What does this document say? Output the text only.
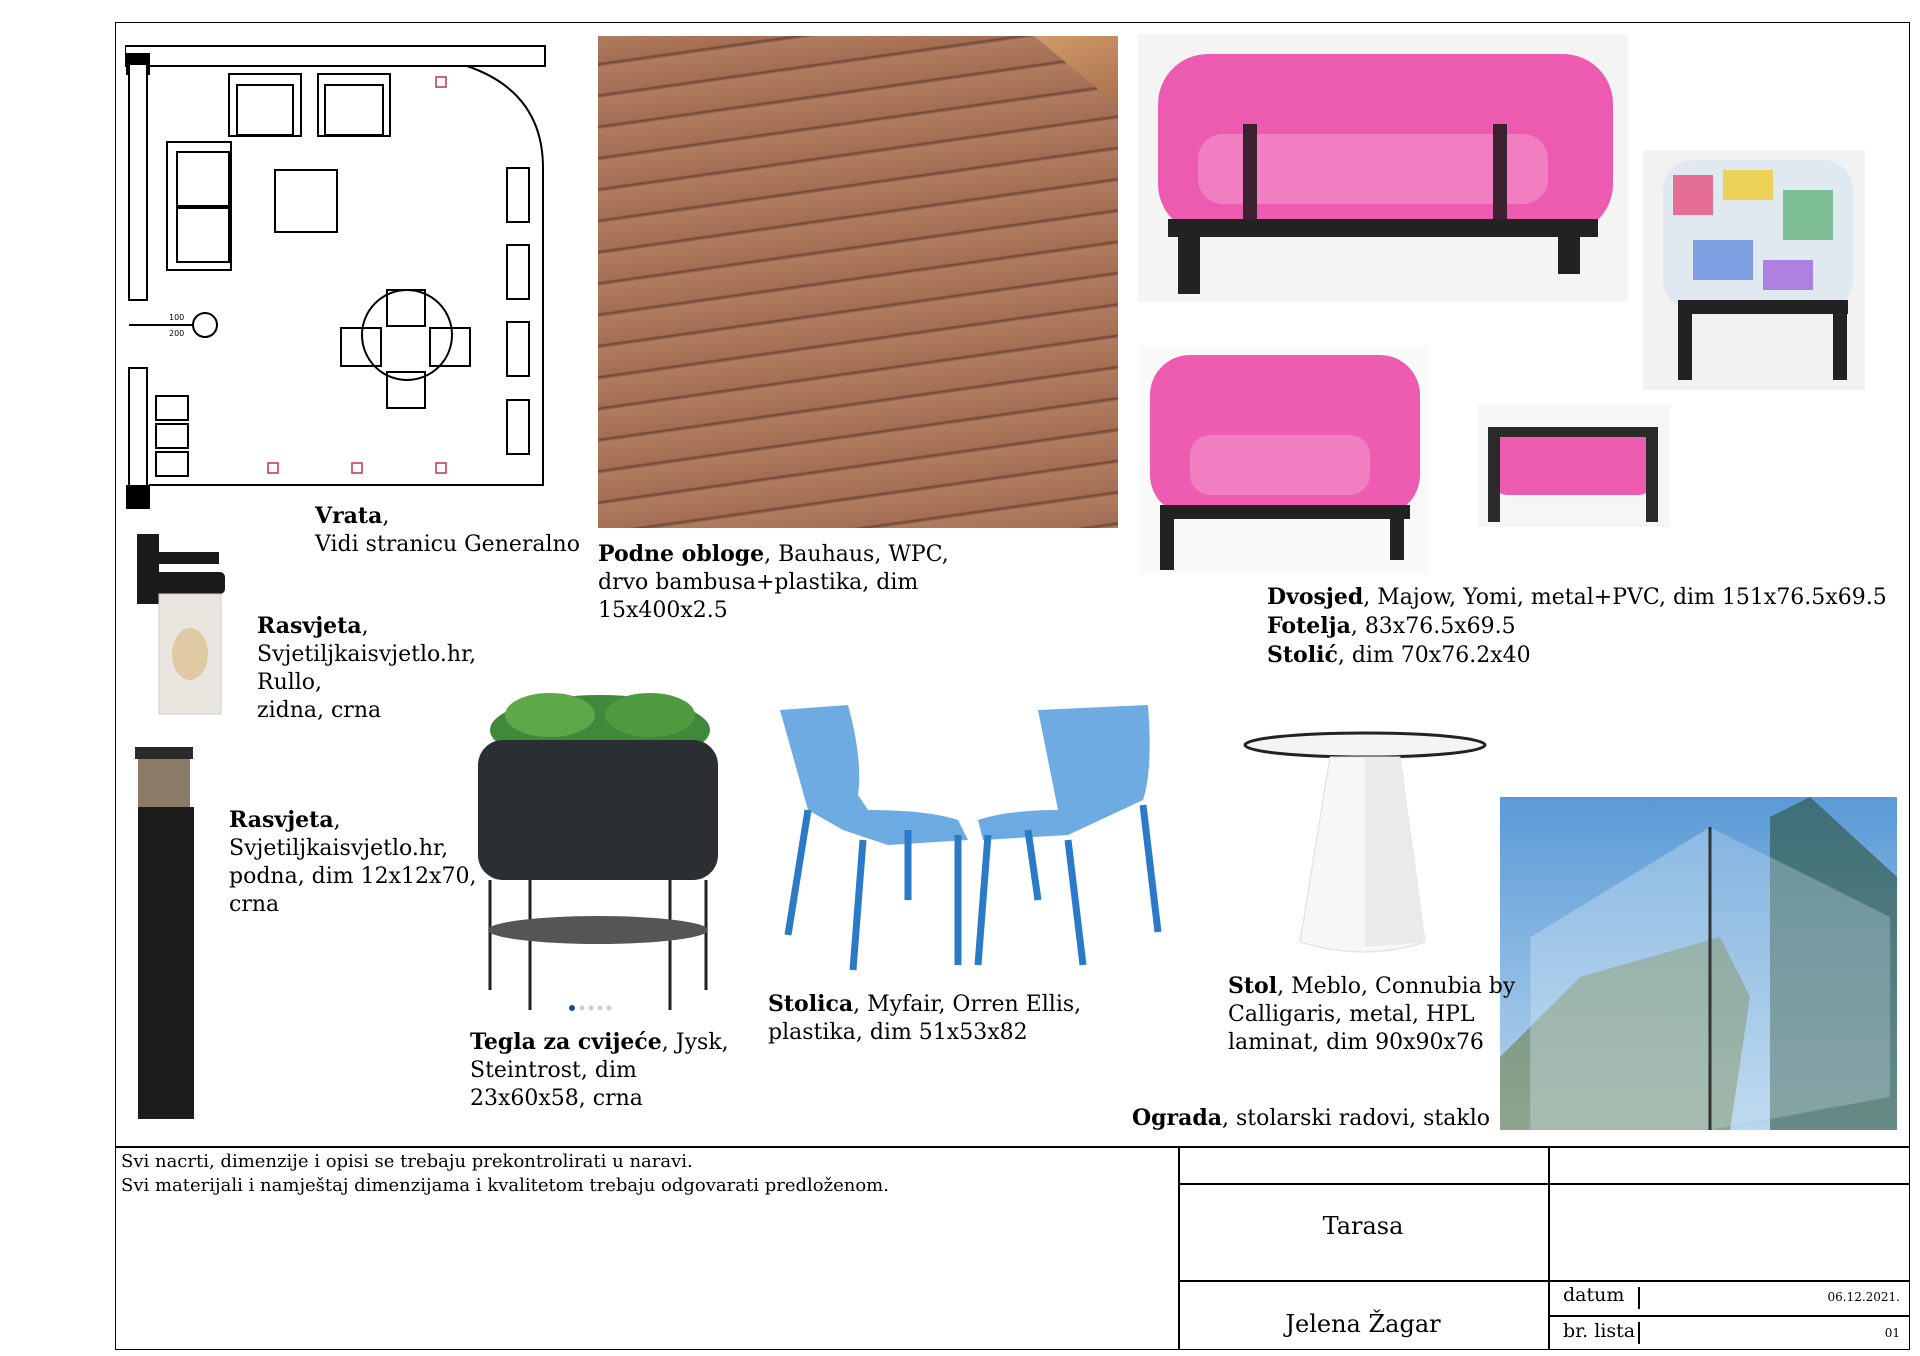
100
200
Vrata,
Vidi stranicu Generalno Podne obloge, Bauhaus, WPC,
drvo bambusa+plastika, dim
15x400x2.5
Dvosjed, Majow, Yomi, metal+PVC, dim 151x76.5x69.5
Fotelja, 83x76.5x69.5
Stolić, dim 70x76.2x40
Rasvjeta,
Svjetiljkaisvjetlo.hr,
Rullo,
zidna, crna
Rasvjeta,
Svjetiljkaisvjetlo.hr,
podna, dim 12x12x70,
crna
Tegla za cvijeće, Jysk,
Steintrost, dim
23x60x58, crna
Stolica, Myfair, Orren Ellis,
plastika, dim 51x53x82
Stol, Meblo, Connubia by
Calligaris, metal, HPL
laminat, dim 90x90x76
Ograda, stolarski radovi, staklo
Svi nacrti, dimenzije i opisi se trebaju prekontrolirati u naravi.
Svi materijali i namještaj dimenzijama i kvalitetom trebaju odgovarati predloženom.
Tarasa
Jelena Žagar
datum	06.12.2021.
br. lista	01
